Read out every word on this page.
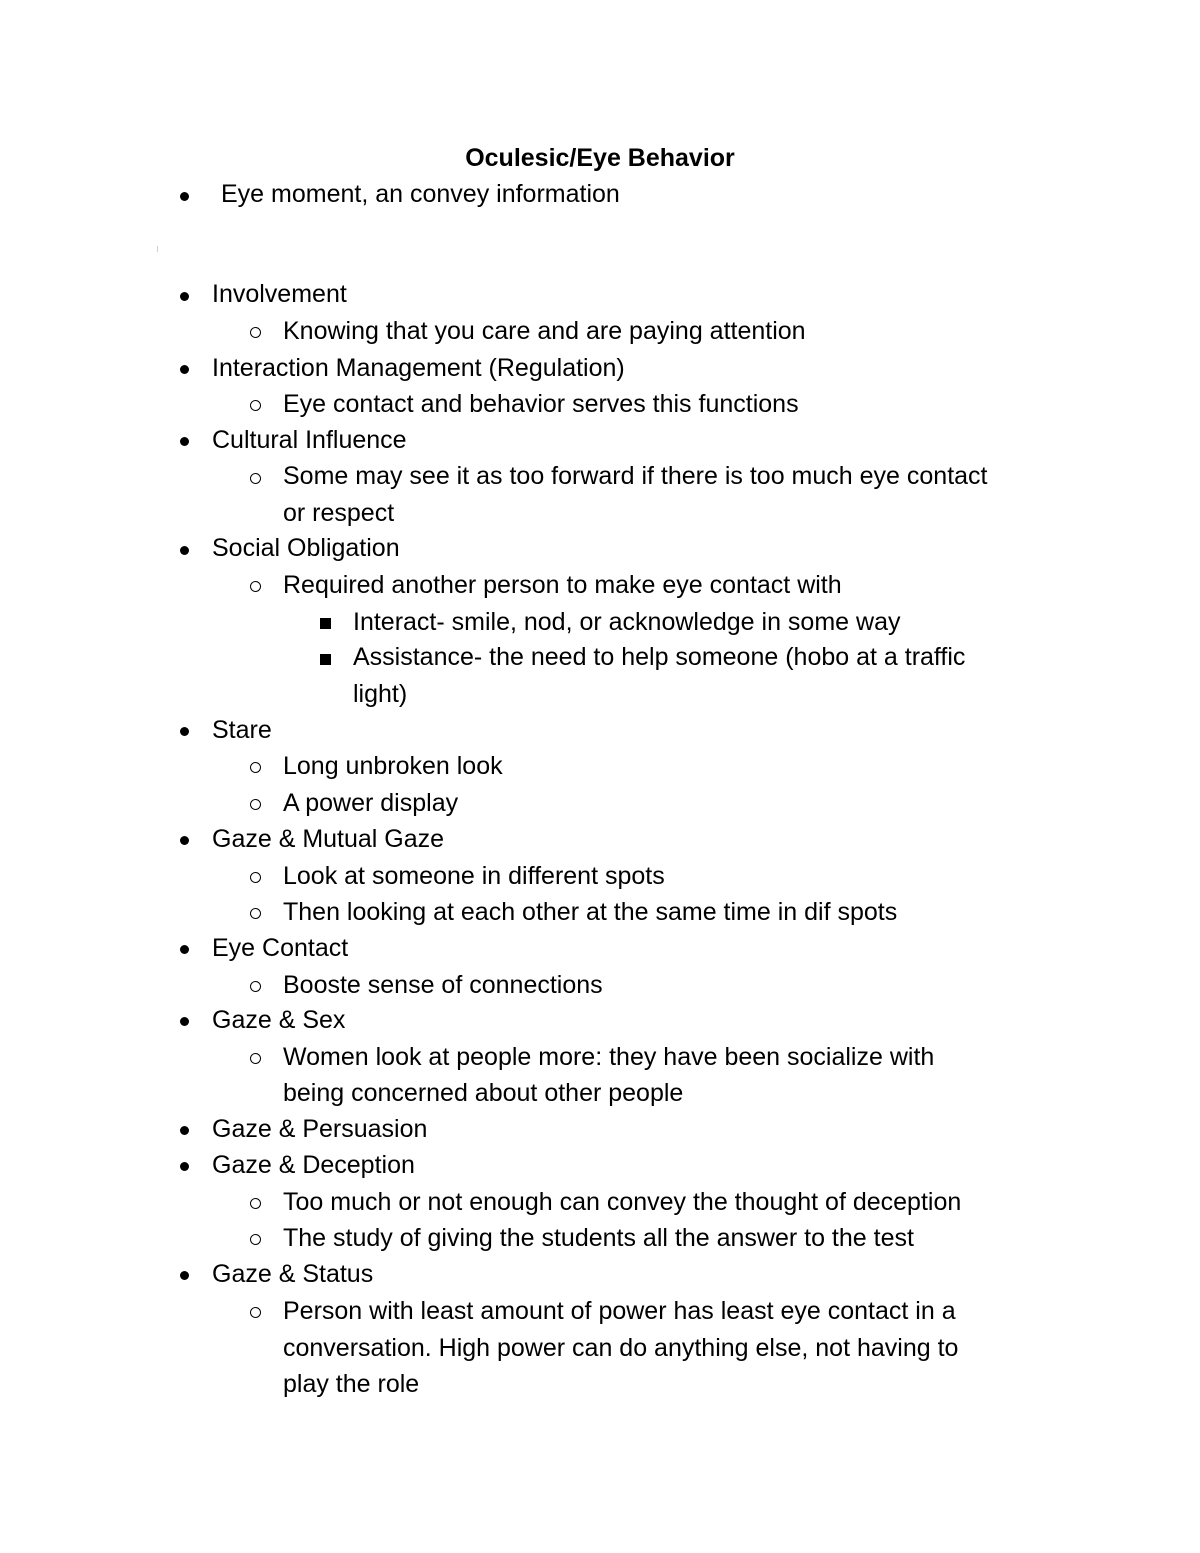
Oculesic/Eye Behavior
Eye moment, an convey information
Involvement
Knowing that you care and are paying attention
Interaction Management (Regulation)
Eye contact and behavior serves this functions
Cultural Influence
Some may see it as too forward if there is too much eye contact
or respect
Social Obligation
Required another person to make eye contact with
Interact- smile, nod, or acknowledge in some way
Assistance- the need to help someone (hobo at a traffic
light)
Stare
Long unbroken look
A power display
Gaze & Mutual Gaze
Look at someone in different spots
Then looking at each other at the same time in dif spots
Eye Contact
Booste sense of connections
Gaze & Sex
Women look at people more: they have been socialize with
being concerned about other people
Gaze & Persuasion
Gaze & Deception
Too much or not enough can convey the thought of deception
The study of giving the students all the answer to the test
Gaze & Status
Person with least amount of power has least eye contact in a
conversation. High power can do anything else, not having to
play the role
